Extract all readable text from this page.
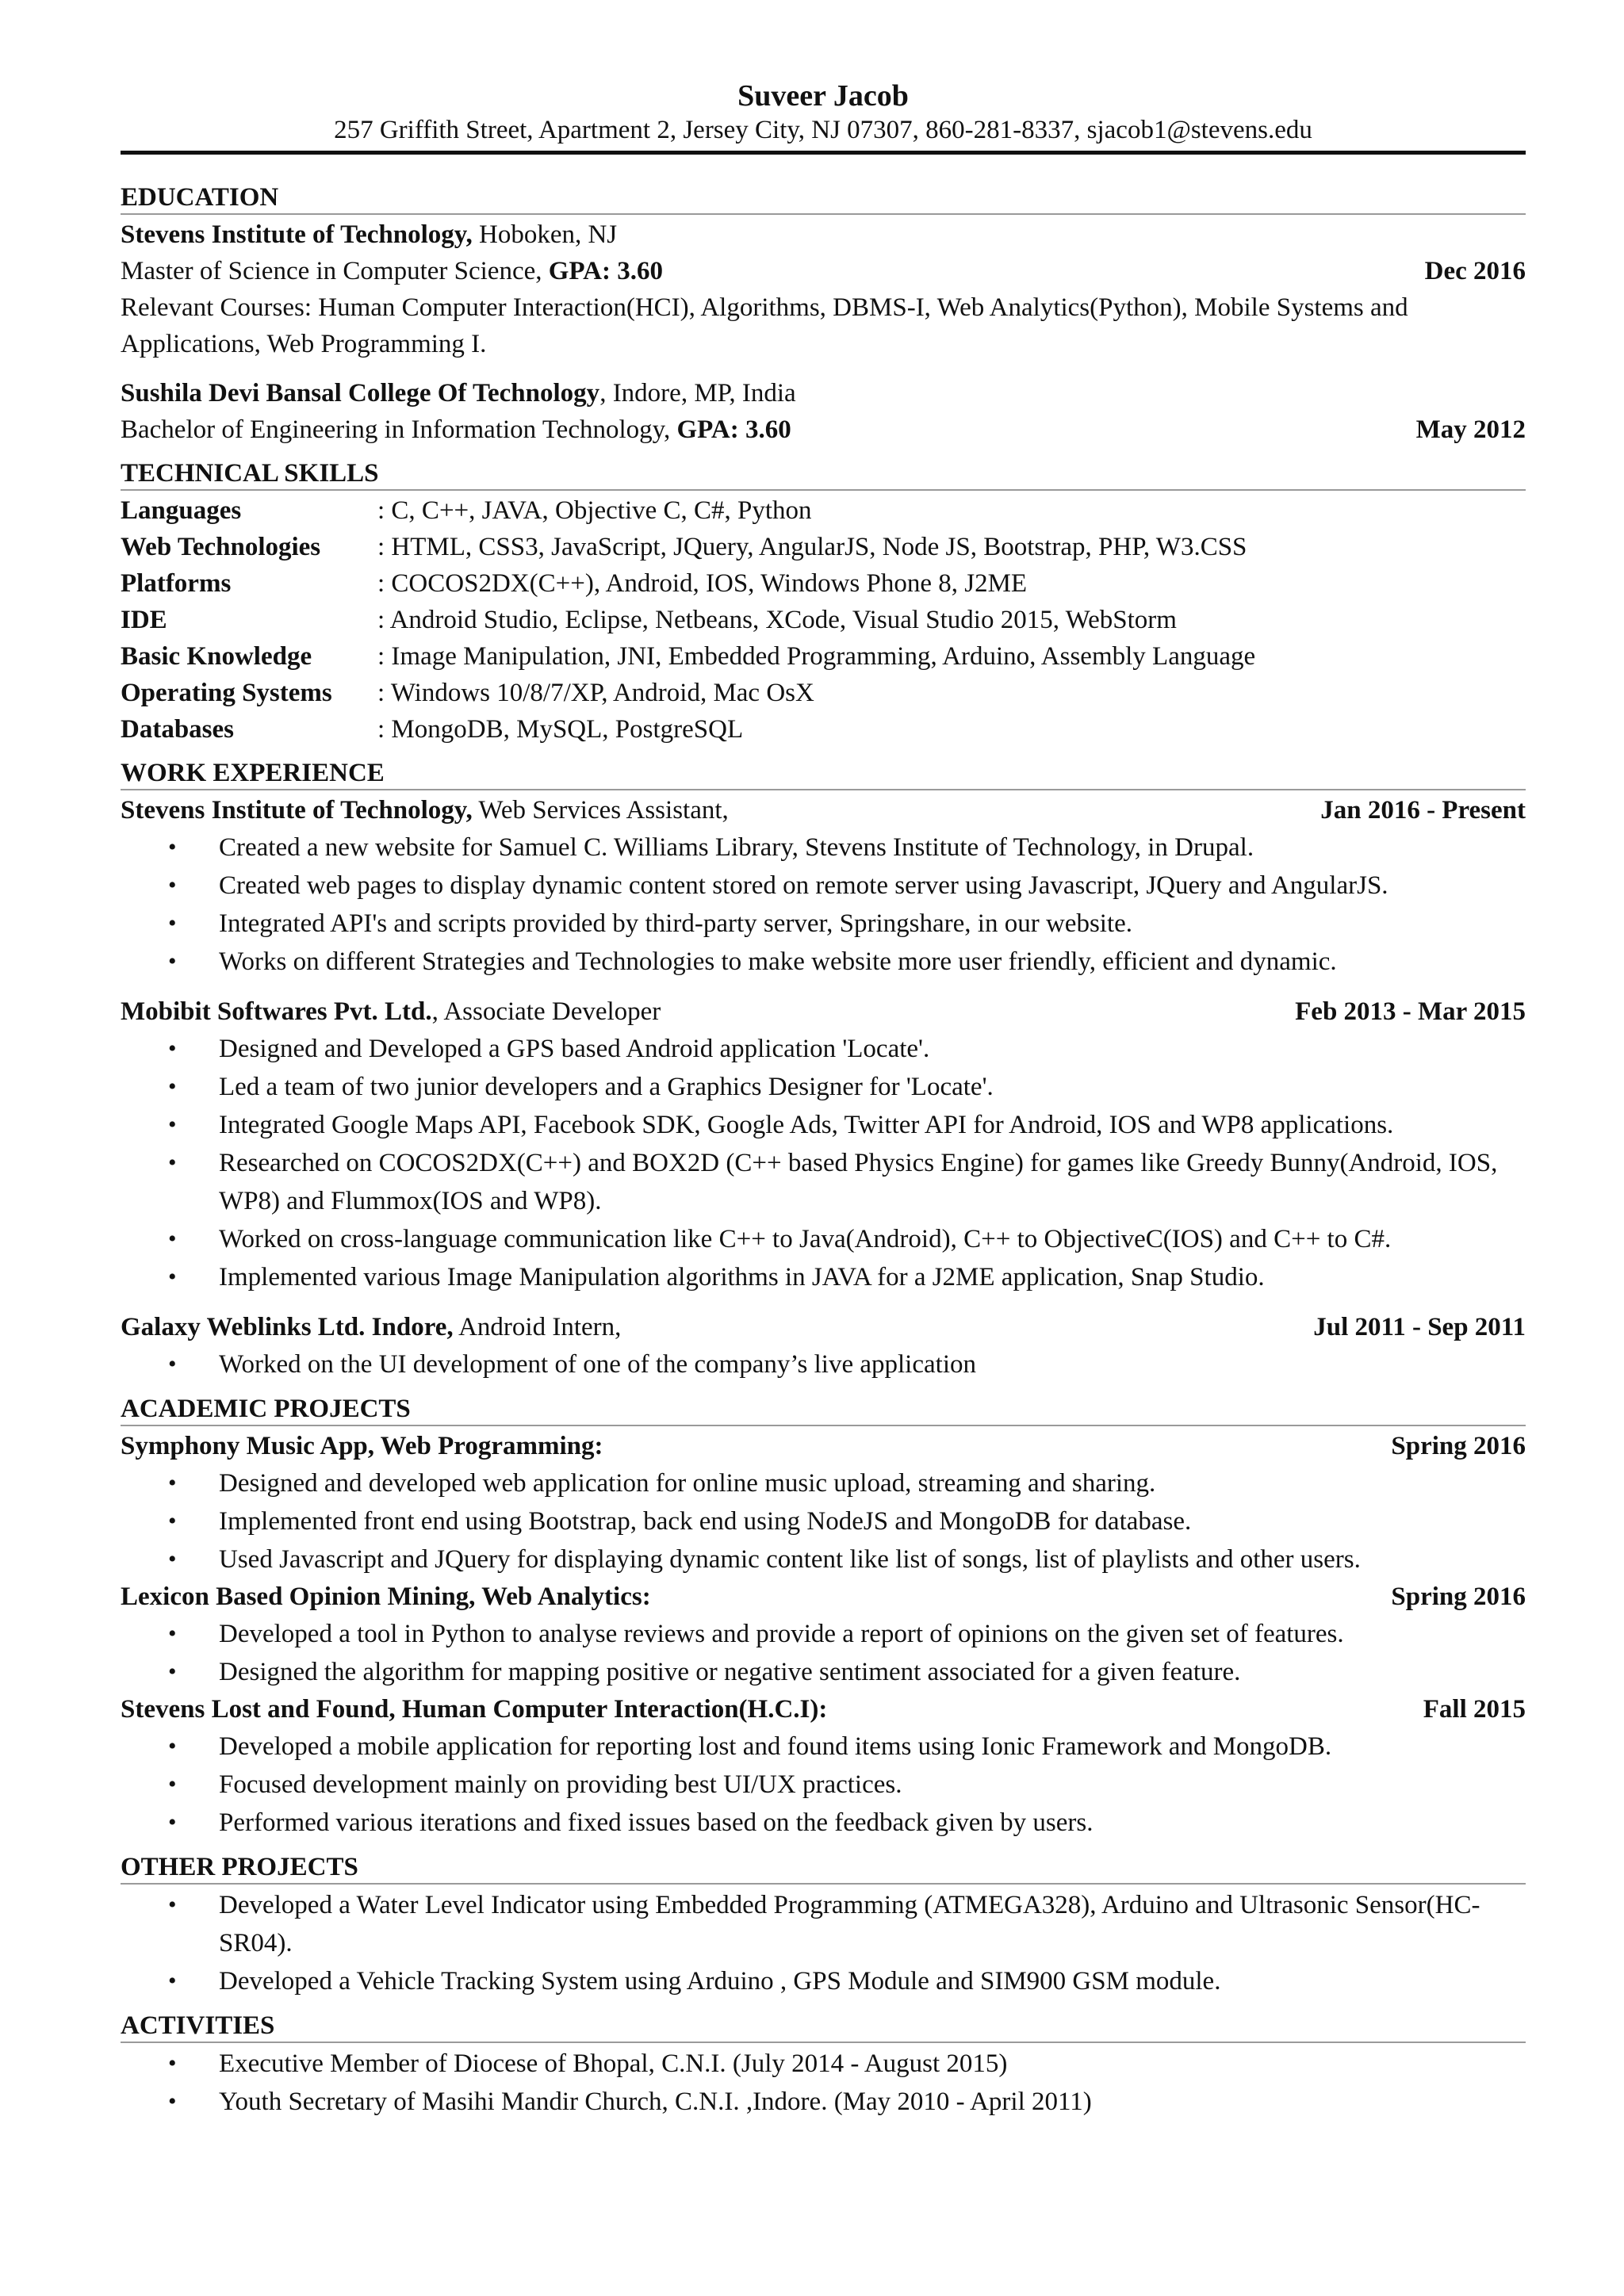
Suveer Jacob
257 Griffith Street, Apartment 2, Jersey City, NJ 07307, 860-281-8337, sjacob1@stevens.edu
EDUCATION
Stevens Institute of Technology, Hoboken, NJ
Master of Science in Computer Science, GPA: 3.60	Dec 2016
Relevant Courses: Human Computer Interaction(HCI), Algorithms, DBMS-I, Web Analytics(Python), Mobile Systems and Applications, Web Programming I.
Sushila Devi Bansal College Of Technology, Indore, MP, India
Bachelor of Engineering in Information Technology, GPA: 3.60	May 2012
TECHNICAL SKILLS
Languages	: C, C++, JAVA, Objective C, C#, Python
Web Technologies	: HTML, CSS3, JavaScript, JQuery, AngularJS, Node JS, Bootstrap, PHP, W3.CSS
Platforms	: COCOS2DX(C++), Android, IOS, Windows Phone 8, J2ME
IDE	: Android Studio, Eclipse, Netbeans, XCode, Visual Studio 2015, WebStorm
Basic Knowledge	: Image Manipulation, JNI, Embedded Programming, Arduino, Assembly Language
Operating Systems	: Windows 10/8/7/XP, Android, Mac OsX
Databases	: MongoDB, MySQL, PostgreSQL
WORK EXPERIENCE
Stevens Institute of Technology, Web Services Assistant,	Jan 2016 - Present
• Created a new website for Samuel C. Williams Library, Stevens Institute of Technology, in Drupal.
• Created web pages to display dynamic content stored on remote server using Javascript, JQuery and AngularJS.
• Integrated API's and scripts provided by third-party server, Springshare, in our website.
• Works on different Strategies and Technologies to make website more user friendly, efficient and dynamic.
Mobibit Softwares Pvt. Ltd., Associate Developer	Feb 2013 - Mar 2015
• Designed and Developed a GPS based Android application 'Locate'.
• Led a team of two junior developers and a Graphics Designer for 'Locate'.
• Integrated Google Maps API, Facebook SDK, Google Ads, Twitter API for Android, IOS and WP8 applications.
• Researched on COCOS2DX(C++) and BOX2D (C++ based Physics Engine) for games like Greedy Bunny(Android, IOS, WP8) and Flummox(IOS and WP8).
• Worked on cross-language communication like C++ to Java(Android), C++ to ObjectiveC(IOS) and C++ to C#.
• Implemented various Image Manipulation algorithms in JAVA for a J2ME application, Snap Studio.
Galaxy Weblinks Ltd. Indore, Android Intern,	Jul 2011 - Sep 2011
• Worked on the UI development of one of the company’s live application
ACADEMIC PROJECTS
Symphony Music App, Web Programming:	Spring 2016
• Designed and developed web application for online music upload, streaming and sharing.
• Implemented front end using Bootstrap, back end using NodeJS and MongoDB for database.
• Used Javascript and JQuery for displaying dynamic content like list of songs, list of playlists and other users.
Lexicon Based Opinion Mining, Web Analytics:	Spring 2016
• Developed a tool in Python to analyse reviews and provide a report of opinions on the given set of features.
• Designed the algorithm for mapping positive or negative sentiment associated for a given feature.
Stevens Lost and Found, Human Computer Interaction(H.C.I):	Fall 2015
• Developed a mobile application for reporting lost and found items using Ionic Framework and MongoDB.
• Focused development mainly on providing best UI/UX practices.
• Performed various iterations and fixed issues based on the feedback given by users.
OTHER PROJECTS
• Developed a Water Level Indicator using Embedded Programming (ATMEGA328), Arduino and Ultrasonic Sensor(HC-SR04).
• Developed a Vehicle Tracking System using Arduino , GPS Module and SIM900 GSM module.
ACTIVITIES
• Executive Member of Diocese of Bhopal, C.N.I. (July 2014 - August 2015)
• Youth Secretary of Masihi Mandir Church, C.N.I. ,Indore. (May 2010 - April 2011)
